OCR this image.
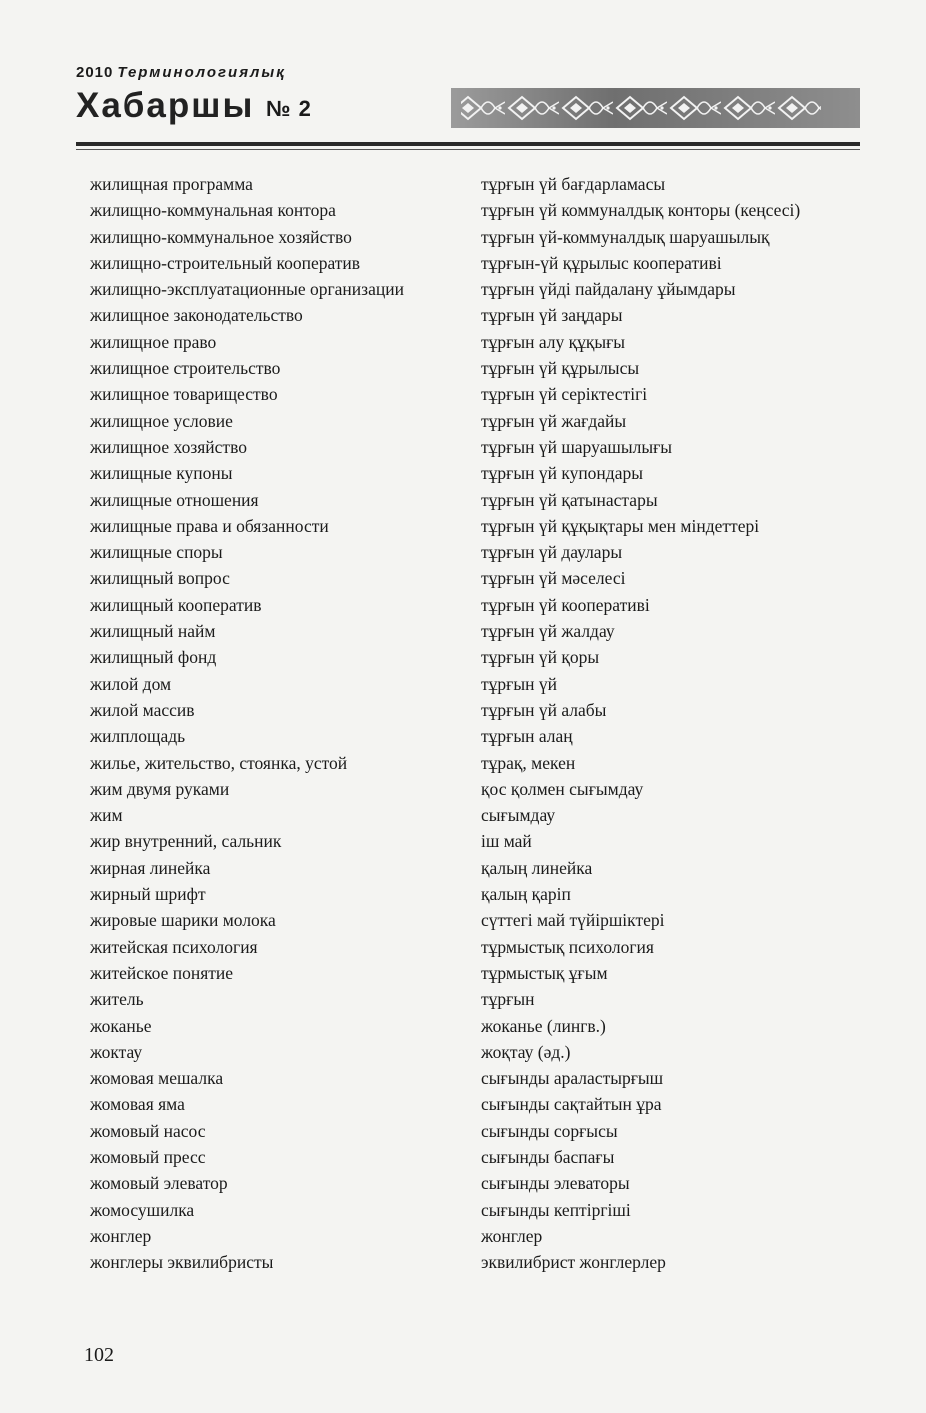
2010 Терминологиялық
Хабаршы № 2
жилищная программа	тұрғын үй бағдарламасы
жилищно-коммунальная контора	тұрғын үй коммуналдық конторы (кеңсесі)
жилищно-коммунальное хозяйство	тұрғын үй-коммуналдық шаруашылық
жилищно-строительный кооператив	тұрғын-үй құрылыс кооперативі
жилищно-эксплуатационные организации	тұрғын үйді пайдалану ұйымдары
жилищное законодательство	тұрғын үй заңдары
жилищное право	тұрғын алу құқығы
жилищное строительство	тұрғын үй құрылысы
жилищное товарищество	тұрғын үй серіктестігі
жилищное условие	тұрғын үй жағдайы
жилищное хозяйство	тұрғын үй шаруашылығы
жилищные купоны	тұрғын үй купондары
жилищные отношения	тұрғын үй қатынастары
жилищные права и обязанности	тұрғын үй құқықтары мен міндеттері
жилищные споры	тұрғын үй даулары
жилищный вопрос	тұрғын үй мәселесі
жилищный кооператив	тұрғын үй кооперативі
жилищный найм	тұрғын үй жалдау
жилищный фонд	тұрғын үй қоры
жилой дом	тұрғын үй
жилой массив	тұрғын үй алабы
жилплощадь	тұрғын алаң
жилье, жительство, стоянка, устой	тұрақ, мекен
жим двумя руками	қос қолмен сығымдау
жим	сығымдау
жир внутренний, сальник	іш май
жирная линейка	қалың линейка
жирный шрифт	қалың қаріп
жировые шарики молока	сүттегі май түйіршіктері
житейская психология	тұрмыстық психология
житейское понятие	тұрмыстық ұғым
житель	тұрғын
жоканье	жоканье (лингв.)
жоктау	жоқтау (әд.)
жомовая мешалка	сығынды араластырғыш
жомовая яма	сығынды сақтайтын ұра
жомовый насос	сығынды сорғысы
жомовый пресс	сығынды баспағы
жомовый элеватор	сығынды элеваторы
жомосушилка	сығынды кептіргіші
жонглер	жонглер
жонглеры эквилибристы	эквилибрист жонглерлер
102
